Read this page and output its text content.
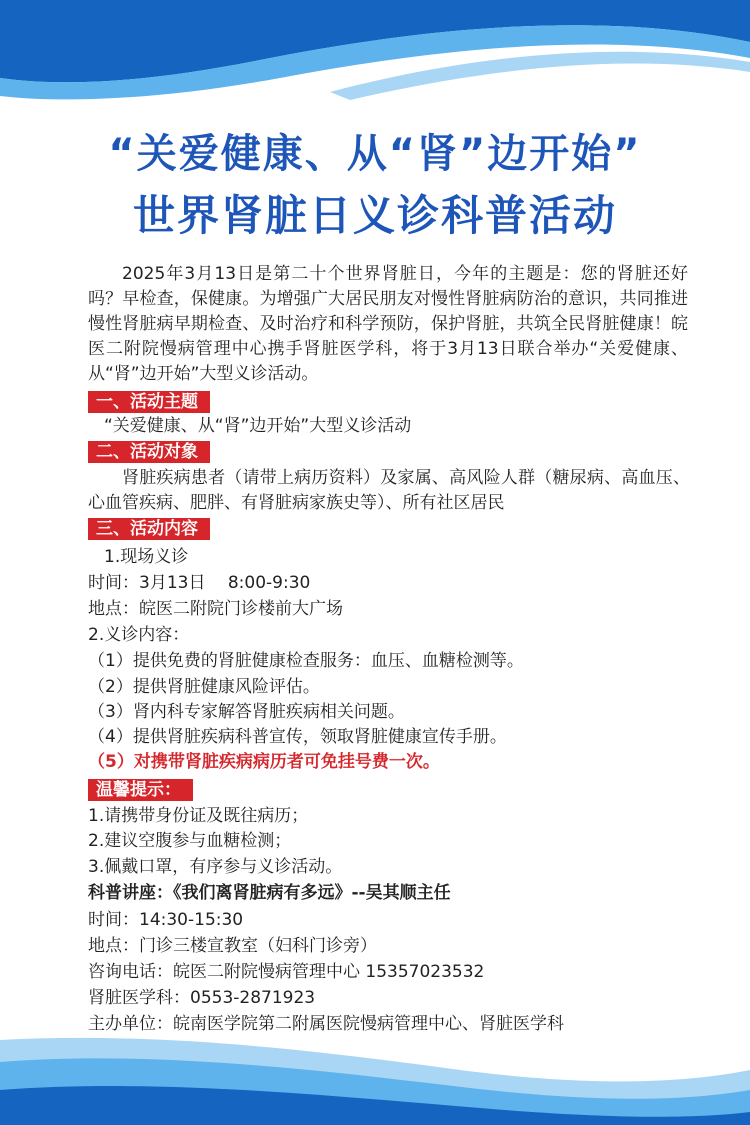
“关爱健康、从“肾”边开始”
世界肾脏日义诊科普活动
2025年3月13日是第二十个世界肾脏日，今年的主题是：您的肾脏还好吗？早检查，保健康。为增强广大居民朋友对慢性肾脏病防治的意识，共同推进慢性肾脏病早期检查、及时治疗和科学预防，保护肾脏，共筑全民肾脏健康！皖医二附院慢病管理中心携手肾脏医学科，将于3月13日联合举办“关爱健康、从“肾”边开始”大型义诊活动。
一、活动主题
“关爱健康、从“肾”边开始”大型义诊活动
二、活动对象
肾脏疾病患者（请带上病历资料）及家属、高风险人群（糖尿病、高血压、心血管疾病、肥胖、有肾脏病家族史等）、所有社区居民
三、活动内容
1.现场义诊
时间：3月13日　 8:00-9:30
地点：皖医二附院门诊楼前大广场
2.义诊内容：
（1）提供免费的肾脏健康检查服务：血压、血糖检测等。
（2）提供肾脏健康风险评估。
（3）肾内科专家解答肾脏疾病相关问题。
（4）提供肾脏疾病科普宣传，领取肾脏健康宣传手册。
（5）对携带肾脏疾病病历者可免挂号费一次。
温馨提示：
1.请携带身份证及既往病历；
2.建议空腹参与血糖检测；
3.佩戴口罩，有序参与义诊活动。
科普讲座：《我们离肾脏病有多远》--吴其顺主任
时间：14:30-15:30
地点：门诊三楼宣教室（妇科门诊旁）
咨询电话：皖医二附院慢病管理中心 15357023532
肾脏医学科：0553-2871923
主办单位：皖南医学院第二附属医院慢病管理中心、肾脏医学科
